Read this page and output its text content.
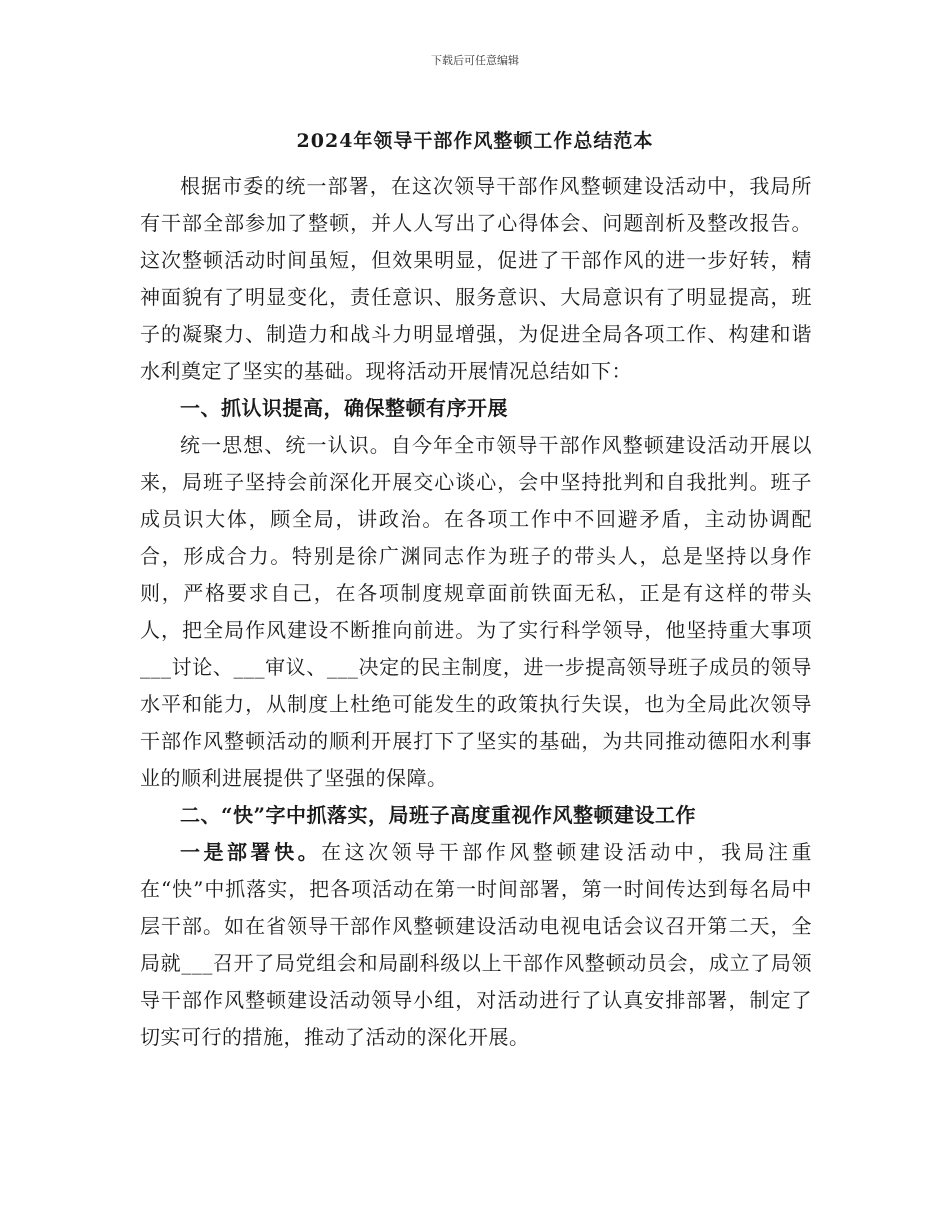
下载后可任意编辑
2024年领导干部作风整顿工作总结范本

根据市委的统一部署，在这次领导干部作风整顿建设活动中，我局所有干部全部参加了整顿，并人人写出了心得体会、问题剖析及整改报告。这次整顿活动时间虽短，但效果明显，促进了干部作风的进一步好转，精神面貌有了明显变化，责任意识、服务意识、大局意识有了明显提高，班子的凝聚力、制造力和战斗力明显增强，为促进全局各项工作、构建和谐水利奠定了坚实的基础。现将活动开展情况总结如下：

一、抓认识提高，确保整顿有序开展

统一思想、统一认识。自今年全市领导干部作风整顿建设活动开展以来，局班子坚持会前深化开展交心谈心，会中坚持批判和自我批判。班子成员识大体，顾全局，讲政治。在各项工作中不回避矛盾，主动协调配合，形成合力。特别是徐广渊同志作为班子的带头人，总是坚持以身作则，严格要求自己，在各项制度规章面前铁面无私，正是有这样的带头人，把全局作风建设不断推向前进。为了实行科学领导，他坚持重大事项___讨论、___审议、___决定的民主制度，进一步提高领导班子成员的领导水平和能力，从制度上杜绝可能发生的政策执行失误，也为全局此次领导干部作风整顿活动的顺利开展打下了坚实的基础，为共同推动德阳水利事业的顺利进展提供了坚强的保障。

二、“快”字中抓落实，局班子高度重视作风整顿建设工作

一是部署快。在这次领导干部作风整顿建设活动中，我局注重在“快”中抓落实，把各项活动在第一时间部署，第一时间传达到每名局中层干部。如在省领导干部作风整顿建设活动电视电话会议召开第二天，全局就___召开了局党组会和局副科级以上干部作风整顿动员会，成立了局领导干部作风整顿建设活动领导小组，对活动进行了认真安排部署，制定了切实可行的措施，推动了活动的深化开展。
